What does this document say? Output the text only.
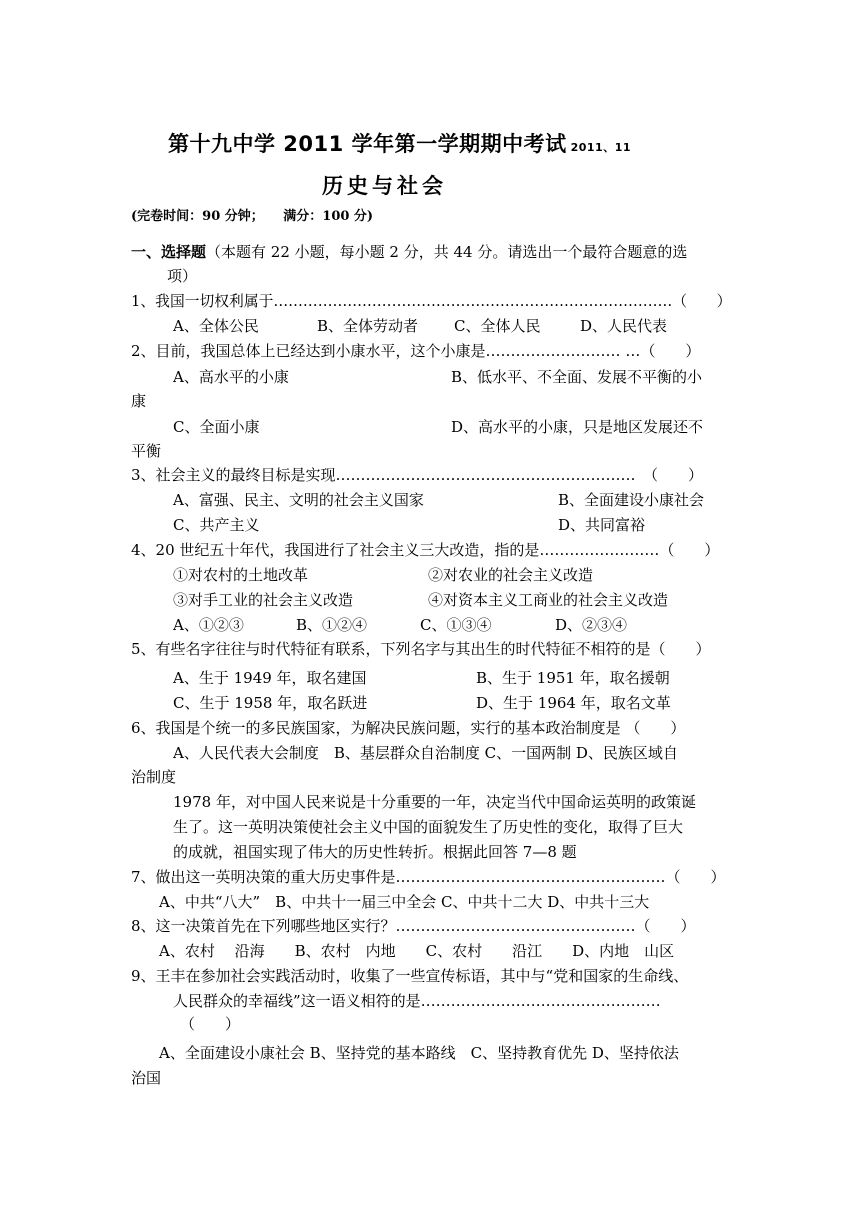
第十九中学 2011 学年第一学期期中考试 2011、11
历史与社会
(完卷时间：90 分钟；　　满分：100 分)
一、选择题（本题有 22 小题，每小题 2 分，共 44 分。请选出一个最符合题意的选
项）
1、我国一切权利属于………………………………………………………………………（　　）
A、全体公民	B、全体劳动者 C、全体人民	D、人民代表
2、目前，我国总体上已经达到小康水平，这个小康是……………………… …（　　）
A、高水平的小康	B、低水平、不全面、发展不平衡的小
康
C、全面小康	D、高水平的小康，只是地区发展还不
平衡
3、社会主义的最终目标是实现……………………………………………………　（　　）
A、富强、民主、文明的社会主义国家	B、全面建设小康社会
C、共产主义	D、共同富裕
4、20 世纪五十年代，我国进行了社会主义三大改造，指的是……………………（　　）
①对农村的土地改革	②对农业的社会主义改造
③对手工业的社会主义改造	④对资本主义工商业的社会主义改造
A、①②③	B、①②④	C、①③④	D、②③④
5、有些名字往往与时代特征有联系，下列名字与其出生的时代特征不相符的是（　　）
A、生于 1949 年，取名建国	B、生于 1951 年，取名援朝
C、生于 1958 年，取名跃进	D、生于 1964 年，取名文革
6、我国是个统一的多民族国家，为解决民族问题，实行的基本政治制度是 （　　）
A、人民代表大会制度　B、基层群众自治制度 C、一国两制 D、民族区域自
治制度
1978 年，对中国人民来说是十分重要的一年，决定当代中国命运英明的政策诞
生了。这一英明决策使社会主义中国的面貌发生了历史性的变化，取得了巨大
的成就，祖国实现了伟大的历史性转折。根据此回答 7—8 题
7、做出这一英明决策的重大历史事件是………………………………………………（　　）
A、中共“八大”　B、中共十一届三中全会 C、中共十二大 D、中共十三大
8、这一决策首先在下列哪些地区实行？…………………………………………（　　）
A、农村　 沿海　　B、农村　内地　　C、农村　　沿江　　D、内地　山区
9、王丰在参加社会实践活动时，收集了一些宣传标语，其中与“党和国家的生命线、
人民群众的幸福线”这一语义相符的是…………………………………………
（　　）
A、全面建设小康社会 B、坚持党的基本路线　C、坚持教育优先 D、坚持依法
治国
